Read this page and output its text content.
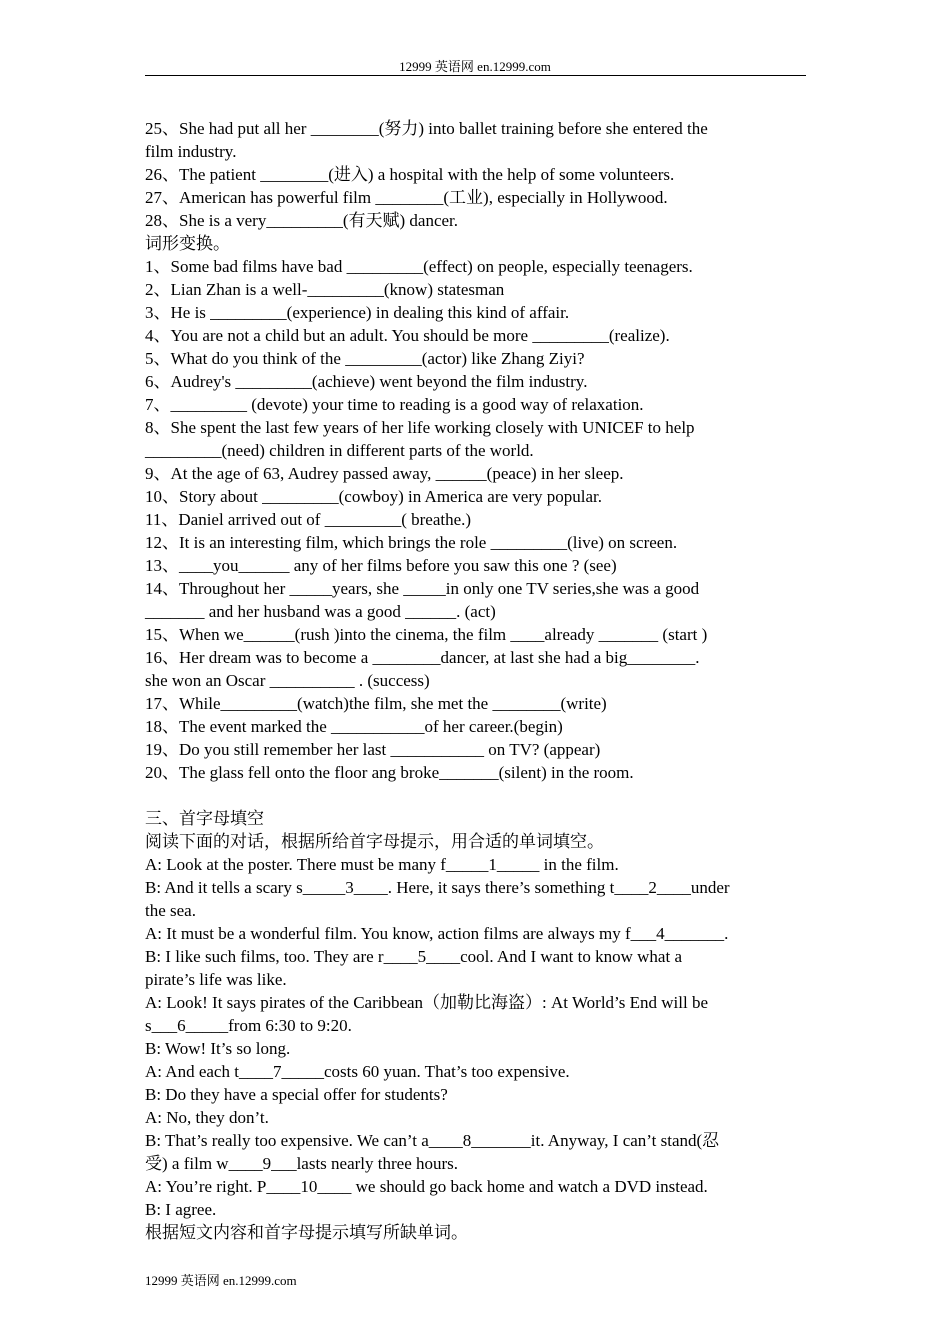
12999 英语网 en.12999.com
25、She had put all her ________(努力) into ballet training before she entered the
film industry.
26、The patient ________(进入) a hospital with the help of some volunteers.
27、American has powerful film ________(工业), especially in Hollywood.
28、She is a very_________(有天赋) dancer.
词形变换。
1、Some bad films have bad _________(effect) on people, especially teenagers.
2、Lian Zhan is a well-_________(know) statesman
3、He is _________(experience) in dealing this kind of affair.
4、You are not a child but an adult. You should be more _________(realize).
5、What do you think of the _________(actor) like Zhang Ziyi?
6、Audrey's _________(achieve) went beyond the film industry.
7、_________ (devote) your time to reading is a good way of relaxation.
8、She spent the last few years of her life working closely with UNICEF to help
_________(need) children in different parts of the world.
9、At the age of 63, Audrey passed away, ______(peace) in her sleep.
10、Story about _________(cowboy) in America are very popular.
11、Daniel arrived out of _________( breathe.)
12、It is an interesting film, which brings the role _________(live) on screen.
13、____you______ any of her films before you saw this one ? (see)
14、Throughout her _____years, she _____in only one TV series,she was a good
_______ and her husband was a good ______. (act)
15、When we______(rush )into the cinema, the film ____already _______ (start )
16、Her dream was to become a ________dancer, at last she had a big________.
she won an Oscar __________ . (success)
17、While_________(watch)the film, she met the ________(write)
18、The event marked the ___________of her career.(begin)
19、Do you still remember her last ___________ on TV? (appear)
20、The glass fell onto the floor ang broke_______(silent) in the room.
三、首字母填空
阅读下面的对话，根据所给首字母提示，用合适的单词填空。
A: Look at the poster. There must be many f_____1_____ in the film.
B: And it tells a scary s_____3____. Here, it says there’s something t____2____under
the sea.
A: It must be a wonderful film. You know, action films are always my f___4_______.
B: I like such films, too. They are r____5____cool. And I want to know what a
pirate’s life was like.
A: Look! It says pirates of the Caribbean（加勒比海盗）: At World’s End will be
s___6_____from 6:30 to 9:20.
B: Wow! It’s so long.
A: And each t____7_____costs 60 yuan. That’s too expensive.
B: Do they have a special offer for students?
A: No, they don’t.
B: That’s really too expensive. We can’t a____8_______it. Anyway, I can’t stand(忍
受) a film w____9___lasts nearly three hours.
A: You’re right. P____10____ we should go back home and watch a DVD instead.
B: I agree.
根据短文内容和首字母提示填写所缺单词。
12999 英语网 en.12999.com
